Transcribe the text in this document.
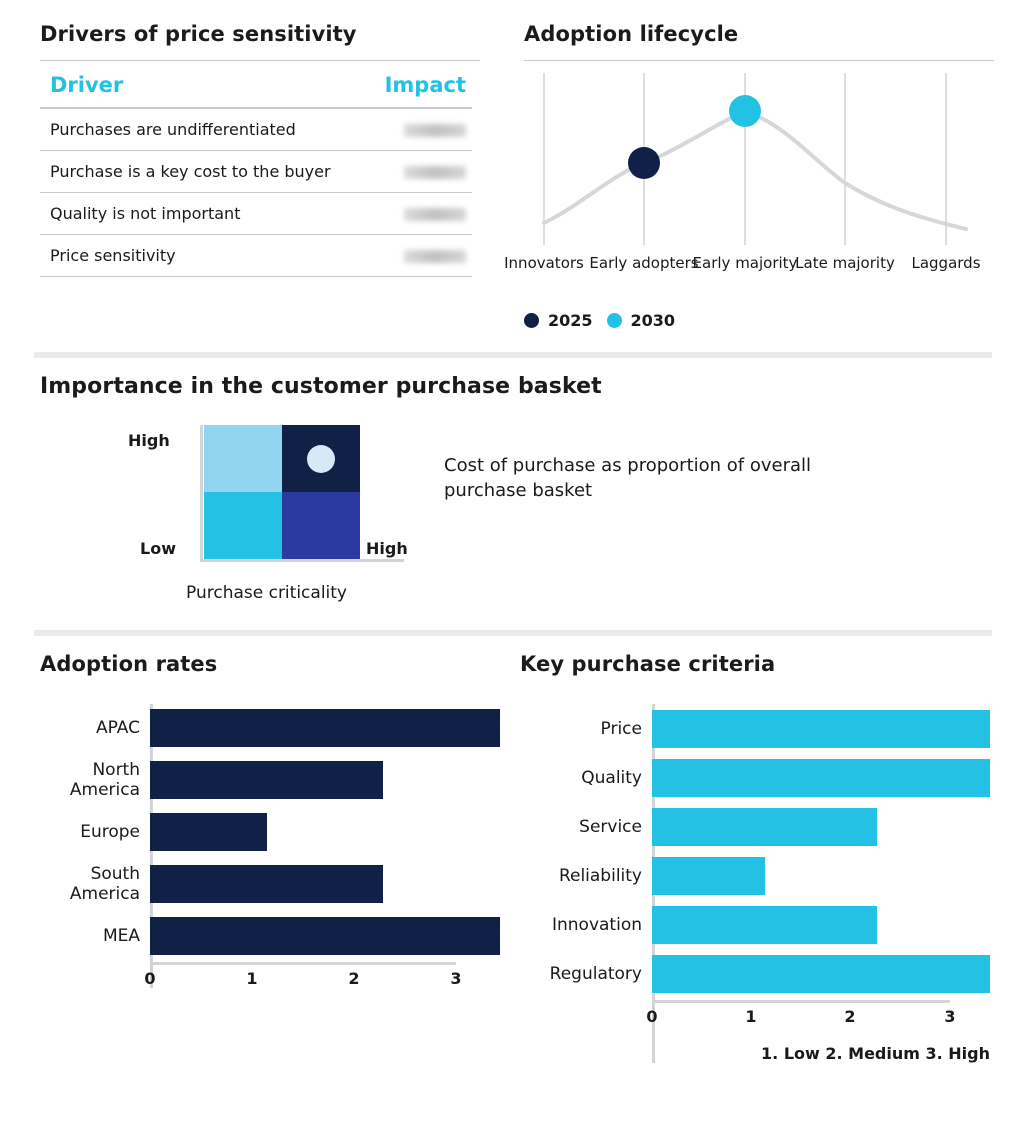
Drivers of price sensitivity
Driver	Impact
Purchases are undifferentiated	
Purchase is a key cost to the buyer	
Quality is not important	
Price sensitivity	
Adoption lifecycle
Innovators Early adopters
Early majority
Late majority	Laggards
2025 2030
Importance in the customer purchase basket
High
Low	High
Purchase criticality
Cost of purchase as proportion of overall purchase basket
Adoption rates
APAC
North America
Europe
South America
MEA
0	1	2	3
Key purchase criteria
Price
Quality
Service
Reliability
Innovation
Regulatory
0	1	2	3
1. Low 2. Medium 3. High
